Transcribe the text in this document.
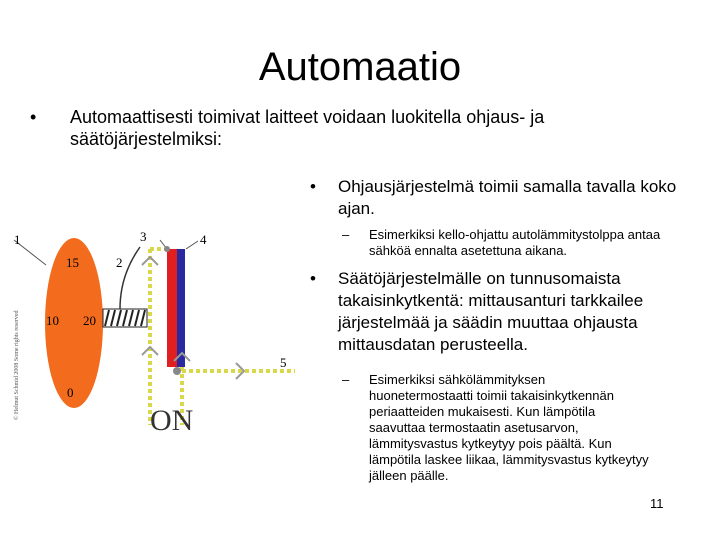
Automaatio
•	Automaattisesti toimivat laitteet voidaan luokitella ohjaus- ja säätöjärjestelmiksi:
•	Ohjausjärjestelmä toimii samalla tavalla koko ajan.
–	Esimerkiksi kello-ohjattu autolämmitystolppa antaa sähköä ennalta asetettuna aikana.
•	Säätöjärjestelmälle on tunnusomaista takaisinkytkentä: mittausanturi tarkkailee järjestelmää ja säädin muuttaa ohjausta mittausdatan perusteella.
–	Esimerkiksi sähkölämmityksen huonetermostaatti toimii takaisinkytkennän periaatteiden mukaisesti. Kun lämpötila saavuttaa termostaatin asetusarvon, lämmitysvastus kytkeytyy pois päältä. Kun lämpötila laskee liikaa, lämmitysvastus kytkeytyy jälleen päälle.
11
© Helmut Schmid 2008 Some rights reserved
1
15
10 20
0
2
3	4
5
ON
